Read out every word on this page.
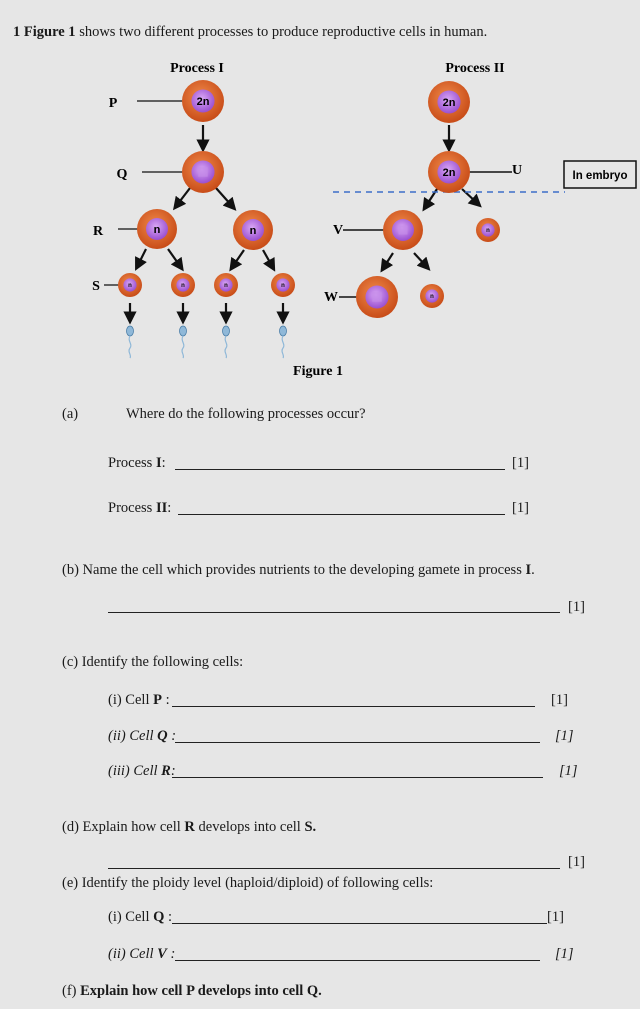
1 Figure 1 shows two different processes to produce reproductive cells in human.
In embryo
Process I	Process II
P
Q
R
S
U
V
W
2n
n	n
n	n	n	n
2n
2n
n
n
Figure 1
(a)	Where do the following processes occur?
Process I:	[1]
Process II:	[1]
(b) Name the cell which provides nutrients to the developing gamete in process I.
[1]
(c) Identify the following cells:
(i) Cell P :	[1]
(ii) Cell Q :	[1]
(iii) Cell R:	[1]
(d) Explain how cell R develops into cell S.
[1]
(e) Identify the ploidy level (haploid/diploid) of following cells:
(i) Cell Q :	[1]
(ii) Cell V :	[1]
(f) Explain how cell P develops into cell Q.
